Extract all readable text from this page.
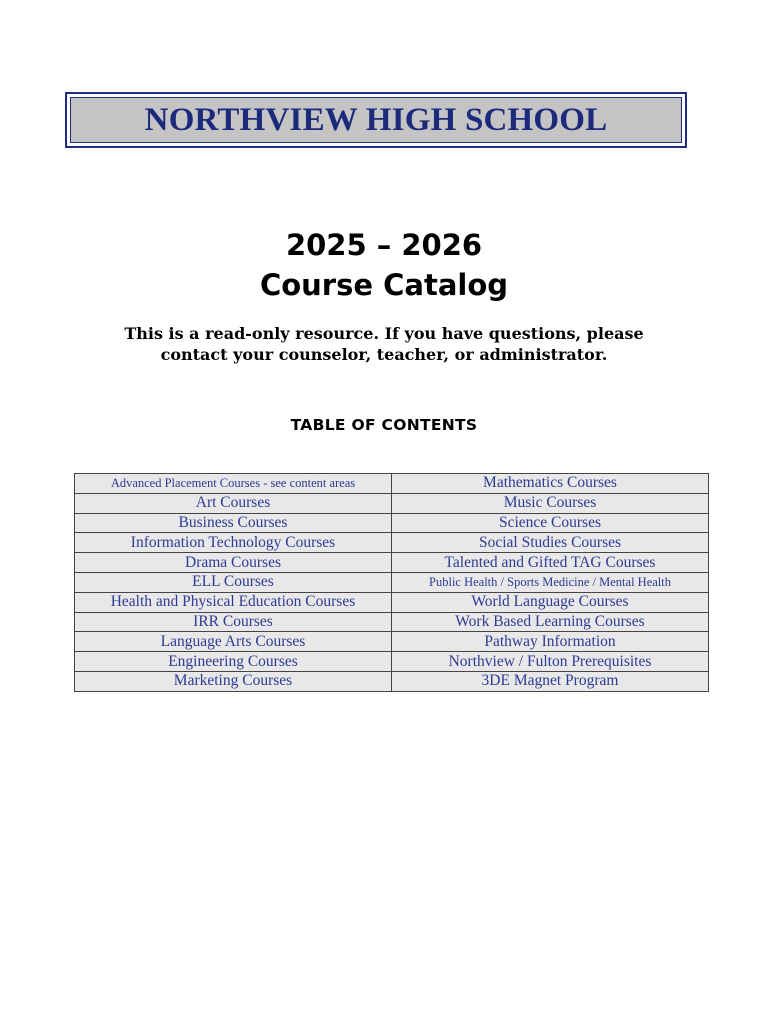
NORTHVIEW HIGH SCHOOL
2025 – 2026
Course Catalog
This is a read-only resource. If you have questions, please
contact your counselor, teacher, or administrator.
TABLE OF CONTENTS
Advanced Placement Courses - see content areas	Mathematics Courses
Art Courses	Music Courses
Business Courses	Science Courses
Information Technology Courses	Social Studies Courses
Drama Courses	Talented and Gifted TAG Courses
ELL Courses	Public Health / Sports Medicine / Mental Health
Health and Physical Education Courses	World Language Courses
IRR Courses	Work Based Learning Courses
Language Arts Courses	Pathway Information
Engineering Courses	Northview / Fulton Prerequisites
Marketing Courses	3DE Magnet Program
